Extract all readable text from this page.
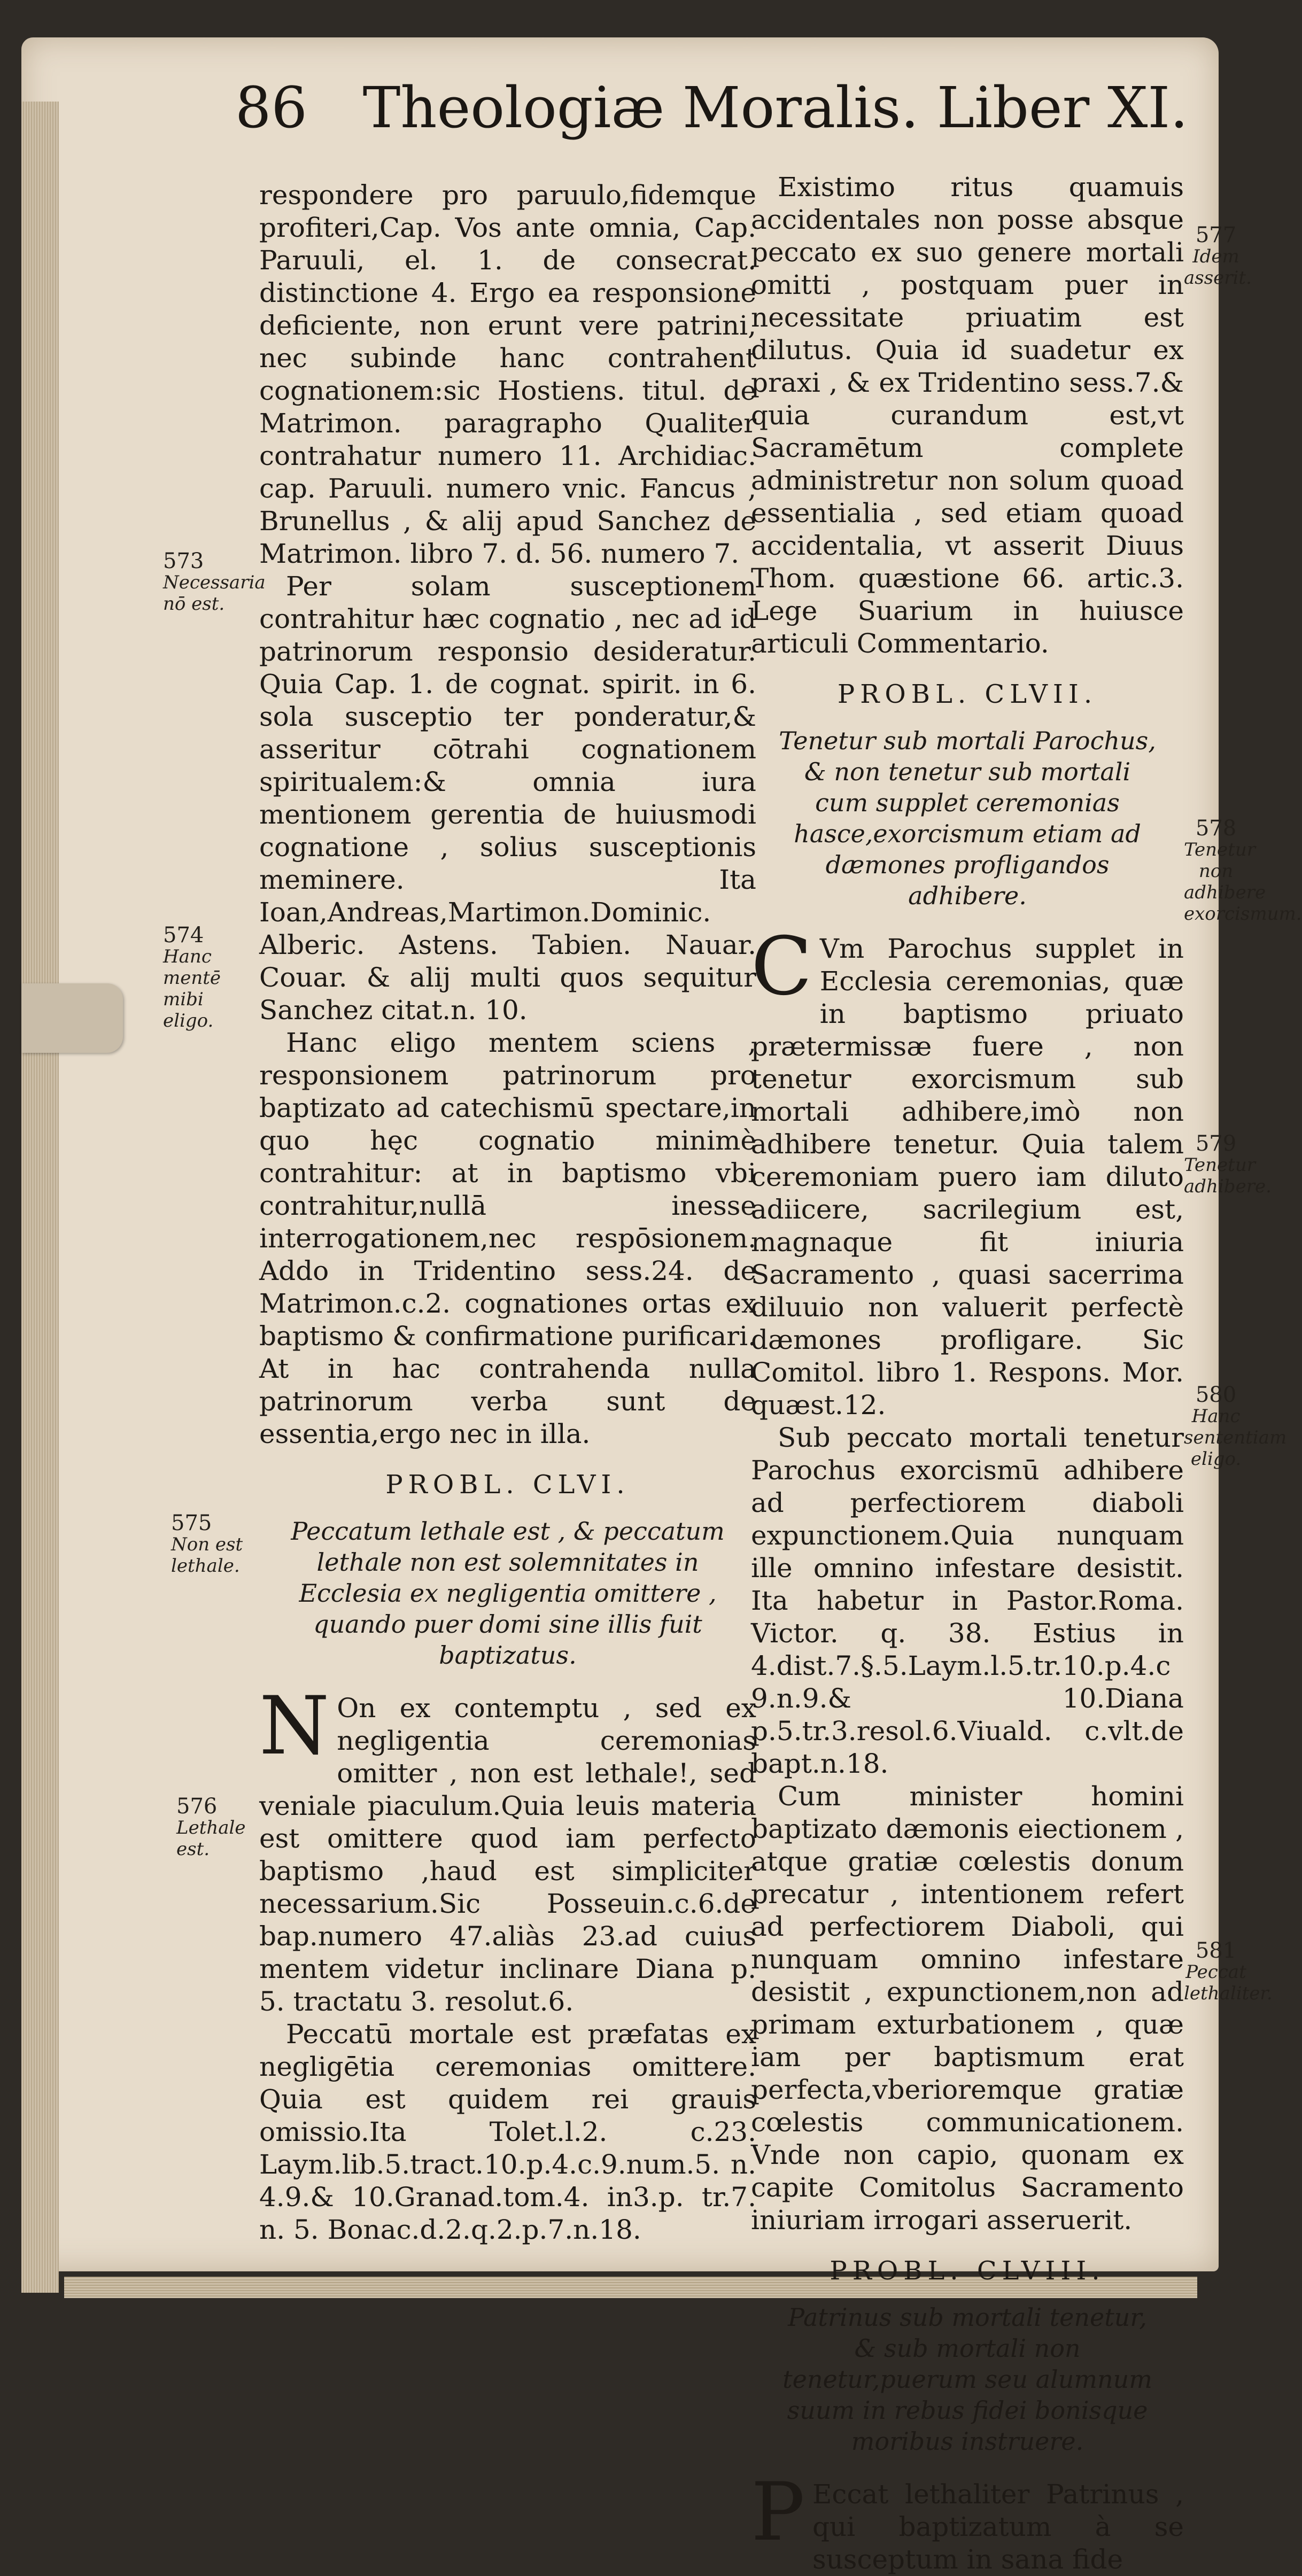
86 Theologiæ Moralis. Liber XI.
573
Necessaria nō est.
574
Hanc mentē mibi eligo.
575
Non est lethale.
576
Lethale est.

respondere pro paruulo,fidemque profiteri,Cap. Vos ante omnia, Cap. Paruuli, el. 1. de consecrat. distinctione 4. Ergo ea responsione deficiente, non erunt vere patrini, nec subinde hanc contrahent cognationem:sic Hostiens. titul. de Matrimon. paragrapho Qualiter contrahatur numero 11. Archidiac. cap. Paruuli. numero vnic. Fancus , Brunellus , & alij apud Sanchez de Matrimon. libro 7. d. 56. numero 7.

Per solam susceptionem contrahitur hæc cognatio , nec ad id patrinorum responsio desideratur. Quia Cap. 1. de cognat. spirit. in 6. sola susceptio ter ponderatur,& asseritur cōtrahi cognationem spiritualem:& omnia iura mentionem gerentia de huiusmodi cognatione , solius susceptionis meminere. Ita Ioan,Andreas,Martimon.Dominic. Alberic. Astens. Tabien. Nauar. Couar. & alij multi quos sequitur Sanchez citat.n. 10.

Hanc eligo mentem sciens , responsionem patrinorum pro baptizato ad catechismū spectare,in quo hęc cognatio minimè contrahitur: at in baptismo vbi contrahitur,nullā inesse interrogationem,nec respōsionem. Addo in Tridentino sess.24. de Matrimon.c.2. cognationes ortas ex baptismo & confirmatione purificari. At in hac contrahenda nulla patrinorum verba sunt de essentia,ergo nec in illa.

PROBL. CLVI.
Peccatum lethale est , & peccatum lethale non est solemnitates in Ecclesia ex negligentia omittere , quando puer domi sine illis fuit baptizatus.

N On ex contemptu , sed ex negligentia ceremonias omitter , non est lethale!, sed veniale piaculum.Quia leuis materia est omittere quod iam perfecto baptismo ,haud est simpliciter necessarium.Sic Posseuin.c.6.de bap.numero 47.aliàs 23.ad cuius mentem videtur inclinare Diana p. 5. tractatu 3. resolut.6.

Peccatū mortale est præfatas ex negligētia ceremonias omittere. Quia est quidem rei grauis omissio.Ita Tolet.l.2. c.23. Laym.lib.5.tract.10.p.4.c.9.num.5. n. 4.9.& 10.Granad.tom.4. in3.p. tr.7. n. 5. Bonac.d.2.q.2.p.7.n.18.

Existimo ritus quamuis accidentales non posse absque peccato ex suo genere mortali omitti , postquam puer in necessitate priuatim est dilutus. Quia id suadetur ex praxi , & ex Tridentino sess.7.& quia curandum est,vt Sacramētum complete administretur non solum quoad essentialia , sed etiam quoad accidentalia, vt asserit Diuus Thom. quæstione 66. artic.3. Lege Suarium in huiusce articuli Commentario.

PROBL. CLVII.
Tenetur sub mortali Parochus, & non tenetur sub mortali cum supplet ceremonias hasce,exorcismum etiam ad dæmones profligandos adhibere.

C Vm Parochus supplet in Ecclesia ceremonias, quæ in baptismo priuato prætermissæ fuere , non tenetur exorcismum sub mortali adhibere,imò non adhibere tenetur. Quia talem ceremoniam puero iam diluto adiicere, sacrilegium est, magnaque fit iniuria Sacramento , quasi sacerrima diluuio non valuerit perfectè dæmones profligare. Sic Comitol. libro 1. Respons. Mor. quæst.12.

Sub peccato mortali tenetur Parochus exorcismū adhibere ad perfectiorem diaboli expunctionem.Quia nunquam ille omnino infestare desistit. Ita habetur in Pastor.Roma. Victor. q. 38. Estius in 4.dist.7.§.5.Laym.l.5.tr.10.p.4.c 9.n.9.& 10.Diana p.5.tr.3.resol.6.Viuald. c.vlt.de bapt.n.18.

Cum minister homini baptizato dæmonis eiectionem , atque gratiæ cœlestis donum precatur , intentionem refert ad perfectiorem Diaboli, qui nunquam omnino infestare desistit , expunctionem,non ad primam exturbationem , quæ iam per baptismum erat perfecta,vberioremque gratiæ cœlestis communicationem. Vnde non capio, quonam ex capite Comitolus Sacramento iniuriam irrogari asseruerit.

PROBL. CLVIII.
Patrinus sub mortali tenetur, & sub mortali non tenetur,puerum seu alumnum suum in rebus fidei bonisque moribus instruere.

P Eccat lethaliter Patrinus , qui baptizatum à se susceptum in sana fide

577
Idem asserit.
578
Tenetur non adhibere exorcismum.
579
Tenetur adhibere.
580
Hanc sententiam eligo.
581
Peccat lethaliter.
